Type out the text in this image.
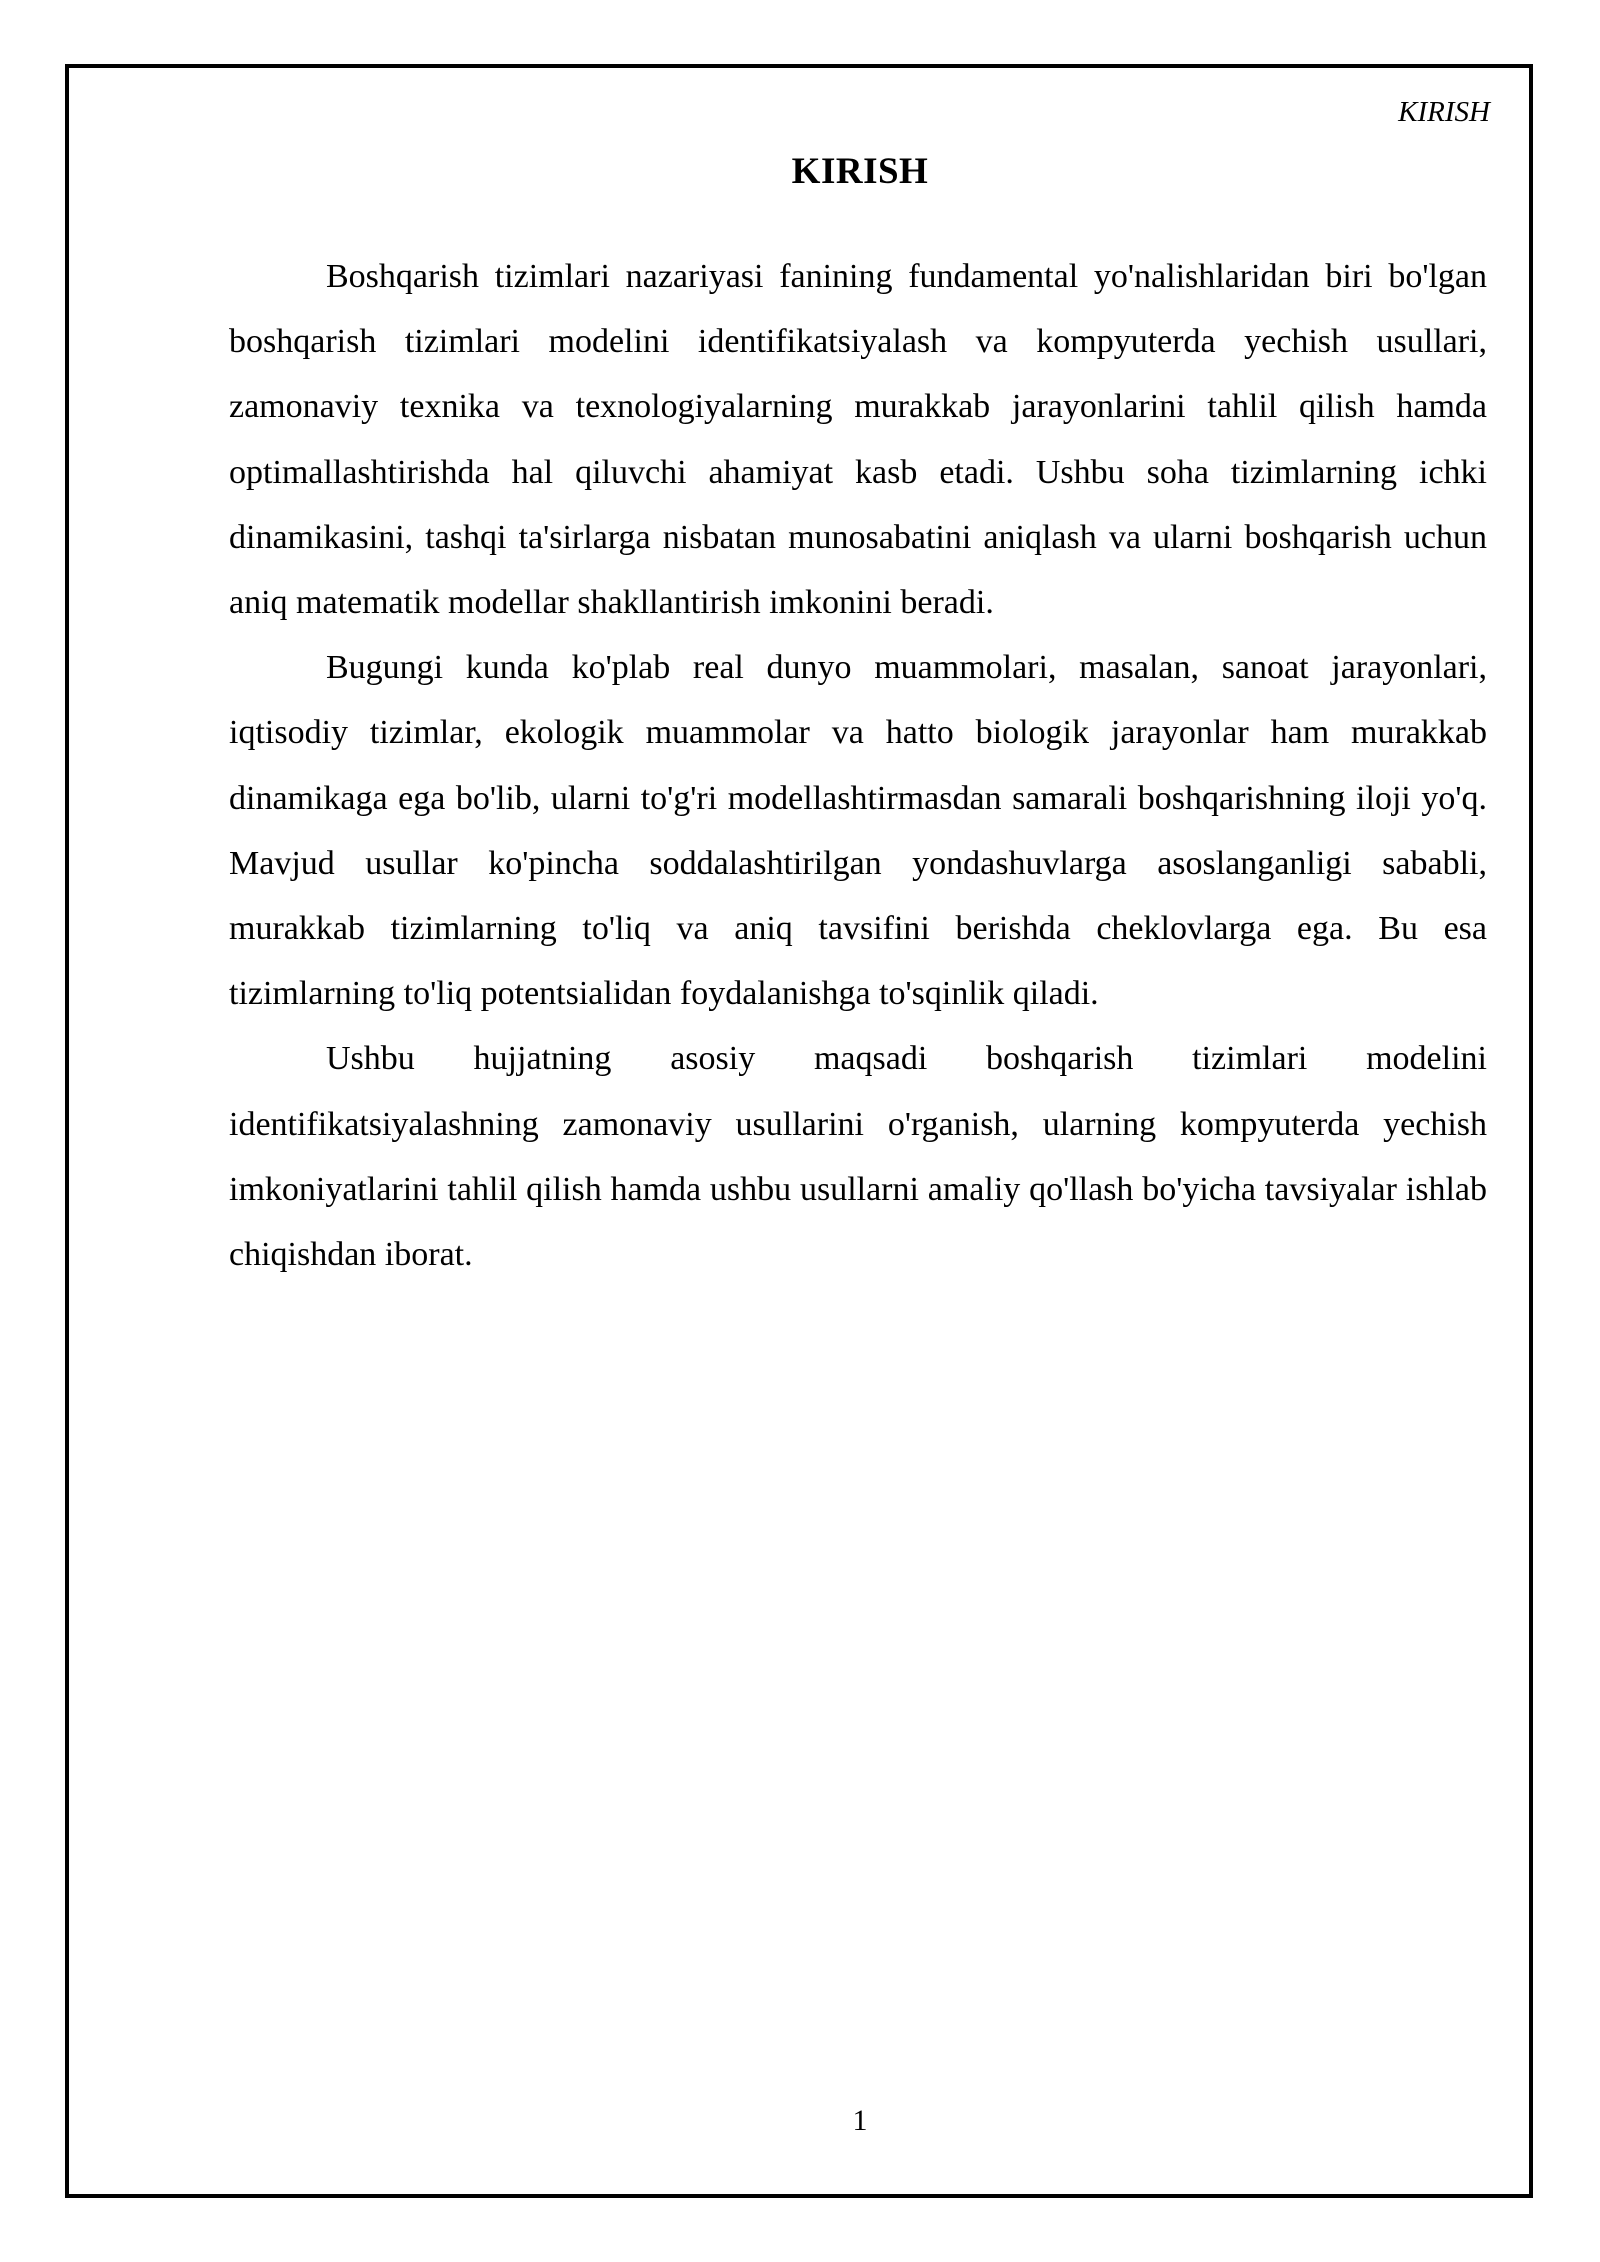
KIRISH
KIRISH

Boshqarish tizimlari nazariyasi fanining fundamental yo'nalishlaridan biri bo'lgan boshqarish tizimlari modelini identifikatsiyalash va kompyuterda yechish usullari, zamonaviy texnika va texnologiyalarning murakkab jarayonlarini tahlil qilish hamda optimallashtirishda hal qiluvchi ahamiyat kasb etadi. Ushbu soha tizimlarning ichki dinamikasini, tashqi ta'sirlarga nisbatan munosabatini aniqlash va ularni boshqarish uchun aniq matematik modellar shakllantirish imkonini beradi.

Bugungi kunda ko'plab real dunyo muammolari, masalan, sanoat jarayonlari, iqtisodiy tizimlar, ekologik muammolar va hatto biologik jarayonlar ham murakkab dinamikaga ega bo'lib, ularni to'g'ri modellashtirmasdan samarali boshqarishning iloji yo'q. Mavjud usullar ko'pincha soddalashtirilgan yondashuvlarga asoslanganligi sababli, murakkab tizimlarning to'liq va aniq tavsifini berishda cheklovlarga ega. Bu esa tizimlarning to'liq potentsialidan foydalanishga to'sqinlik qiladi.

Ushbu hujjatning asosiy maqsadi boshqarish tizimlari modelini identifikatsiyalashning zamonaviy usullarini o'rganish, ularning kompyuterda yechish imkoniyatlarini tahlil qilish hamda ushbu usullarni amaliy qo'llash bo'yicha tavsiyalar ishlab chiqishdan iborat.

1
